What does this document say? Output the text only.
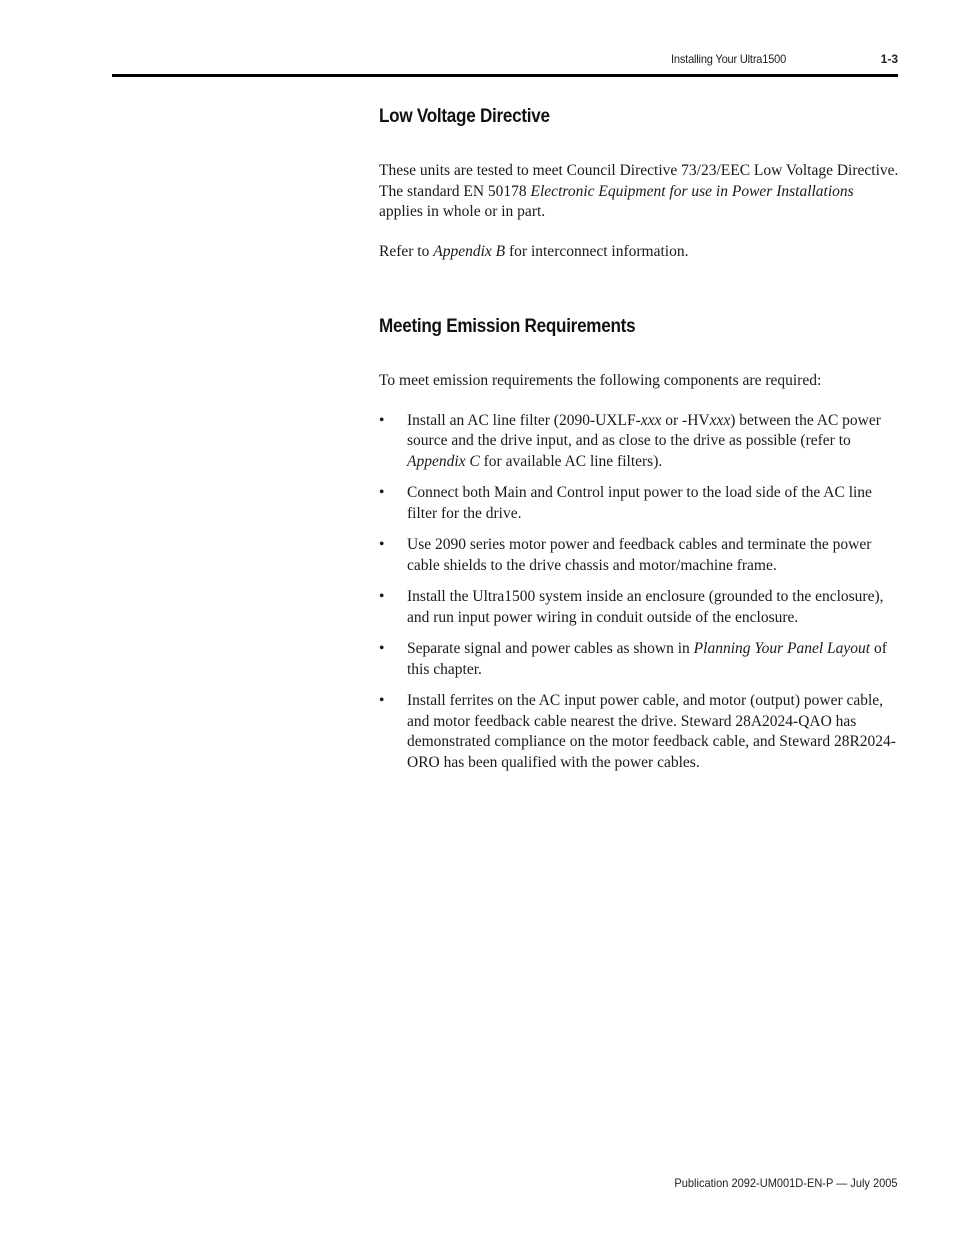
Installing Your Ultra1500	1-3
Low Voltage Directive

These units are tested to meet Council Directive 73/23/EEC Low Voltage Directive. The standard EN 50178 Electronic Equipment for use in Power Installations applies in whole or in part.

Refer to Appendix B for interconnect information.

Meeting Emission Requirements

To meet emission requirements the following components are required:

• Install an AC line filter (2090-UXLF-xxx or -HVxxx) between the AC power source and the drive input, and as close to the drive as possible (refer to Appendix C for available AC line filters).
• Connect both Main and Control input power to the load side of the AC line filter for the drive.
• Use 2090 series motor power and feedback cables and terminate the power cable shields to the drive chassis and motor/machine frame.
• Install the Ultra1500 system inside an enclosure (grounded to the enclosure), and run input power wiring in conduit outside of the enclosure.
• Separate signal and power cables as shown in Planning Your Panel Layout of this chapter.
• Install ferrites on the AC input power cable, and motor (output) power cable, and motor feedback cable nearest the drive. Steward 28A2024-QAO has demonstrated compliance on the motor feedback cable, and Steward 28R2024-ORO has been qualified with the power cables.
Publication 2092-UM001D-EN-P — July 2005
